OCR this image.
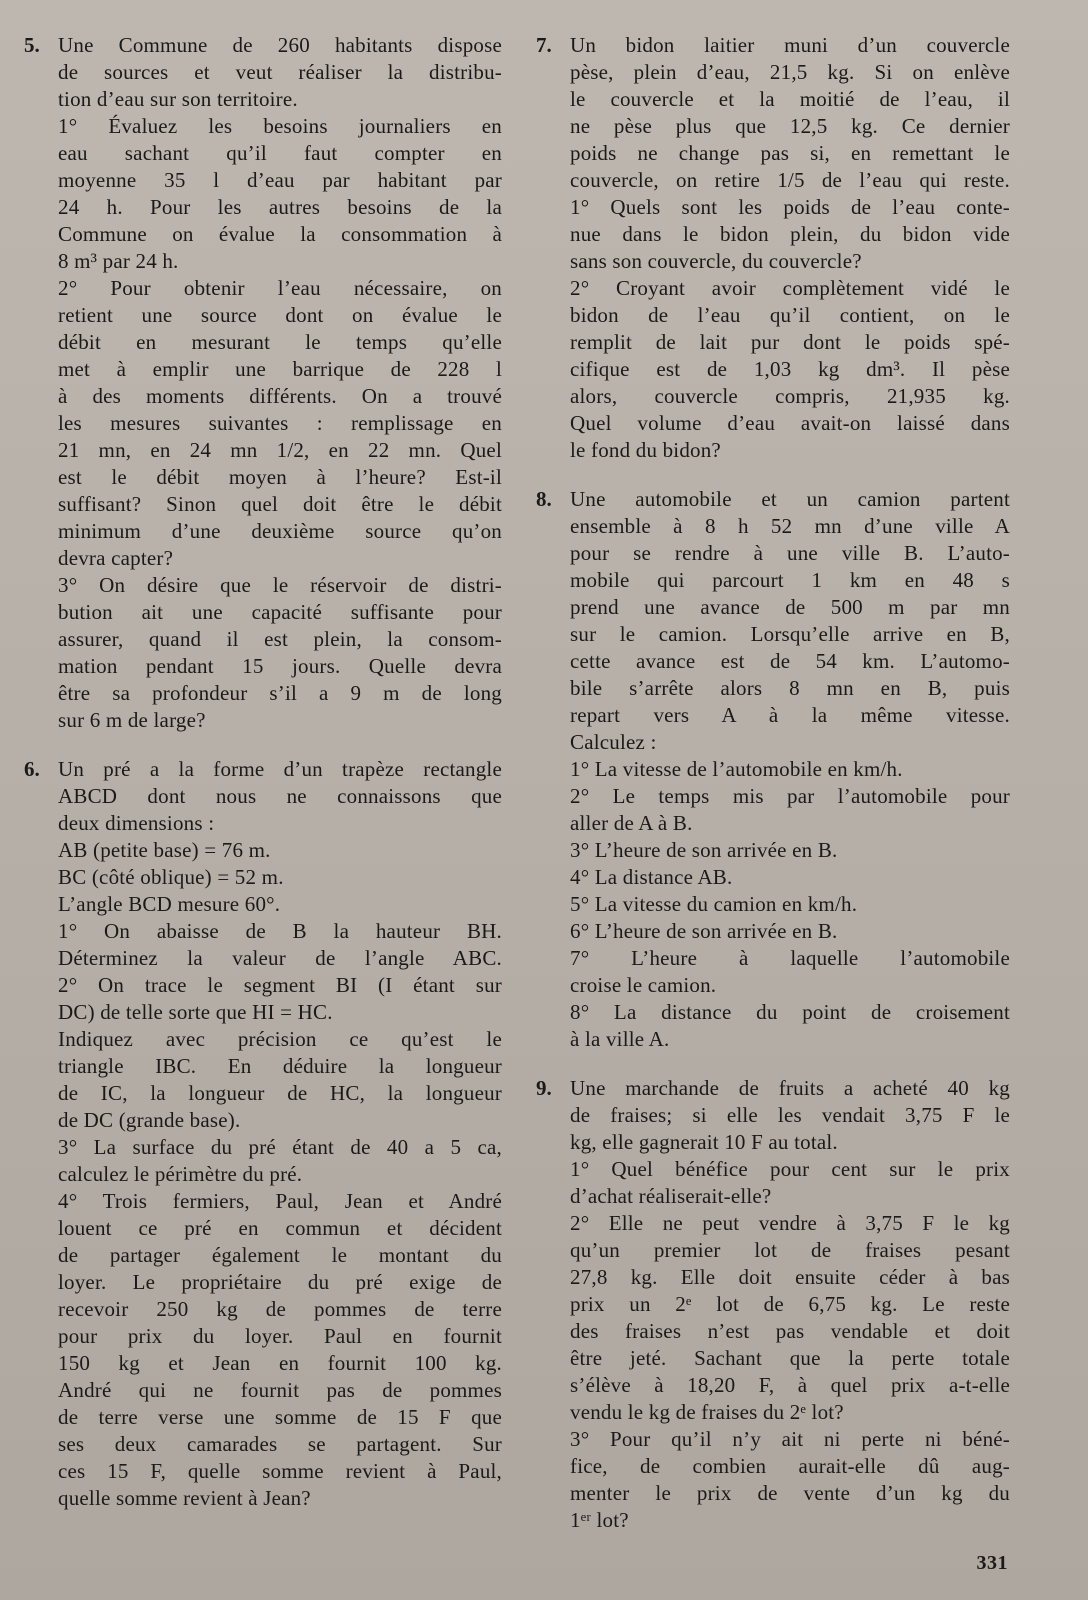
5. Une Commune de 260 habitants dispose
de sources et veut réaliser la distribu-
tion d’eau sur son territoire.
1° Évaluez les besoins journaliers en
eau sachant qu’il faut compter en
moyenne 35 l d’eau par habitant par
24 h. Pour les autres besoins de la
Commune on évalue la consommation à
8 m³ par 24 h.
2° Pour obtenir l’eau nécessaire, on
retient une source dont on évalue le
débit en mesurant le temps qu’elle
met à emplir une barrique de 228 l
à des moments différents. On a trouvé
les mesures suivantes : remplissage en
21 mn, en 24 mn 1/2, en 22 mn. Quel
est le débit moyen à l’heure? Est-il
suffisant? Sinon quel doit être le débit
minimum d’une deuxième source qu’on
devra capter?
3° On désire que le réservoir de distri-
bution ait une capacité suffisante pour
assurer, quand il est plein, la consom-
mation pendant 15 jours. Quelle devra
être sa profondeur s’il a 9 m de long
sur 6 m de large?
6. Un pré a la forme d’un trapèze rectangle
ABCD dont nous ne connaissons que
deux dimensions :
AB (petite base) = 76 m.
BC (côté oblique) = 52 m.
L’angle BCD mesure 60°.
1° On abaisse de B la hauteur BH.
Déterminez la valeur de l’angle ABC.
2° On trace le segment BI (I étant sur
DC) de telle sorte que HI = HC.
Indiquez avec précision ce qu’est le
triangle IBC. En déduire la longueur
de IC, la longueur de HC, la longueur
de DC (grande base).
3° La surface du pré étant de 40 a 5 ca,
calculez le périmètre du pré.
4° Trois fermiers, Paul, Jean et André
louent ce pré en commun et décident
de partager également le montant du
loyer. Le propriétaire du pré exige de
recevoir 250 kg de pommes de terre
pour prix du loyer. Paul en fournit
150 kg et Jean en fournit 100 kg.
André qui ne fournit pas de pommes
de terre verse une somme de 15 F que
ses deux camarades se partagent. Sur
ces 15 F, quelle somme revient à Paul,
quelle somme revient à Jean?
7. Un bidon laitier muni d’un couvercle
pèse, plein d’eau, 21,5 kg. Si on enlève
le couvercle et la moitié de l’eau, il
ne pèse plus que 12,5 kg. Ce dernier
poids ne change pas si, en remettant le
couvercle, on retire 1/5 de l’eau qui reste.
1° Quels sont les poids de l’eau conte-
nue dans le bidon plein, du bidon vide
sans son couvercle, du couvercle?
2° Croyant avoir complètement vidé le
bidon de l’eau qu’il contient, on le
remplit de lait pur dont le poids spé-
cifique est de 1,03 kg dm³. Il pèse
alors, couvercle compris, 21,935 kg.
Quel volume d’eau avait-on laissé dans
le fond du bidon?
8. Une automobile et un camion partent
ensemble à 8 h 52 mn d’une ville A
pour se rendre à une ville B. L’auto-
mobile qui parcourt 1 km en 48 s
prend une avance de 500 m par mn
sur le camion. Lorsqu’elle arrive en B,
cette avance est de 54 km. L’automo-
bile s’arrête alors 8 mn en B, puis
repart vers A à la même vitesse.
Calculez :
1° La vitesse de l’automobile en km/h.
2° Le temps mis par l’automobile pour
aller de A à B.
3° L’heure de son arrivée en B.
4° La distance AB.
5° La vitesse du camion en km/h.
6° L’heure de son arrivée en B.
7° L’heure à laquelle l’automobile
croise le camion.
8° La distance du point de croisement
à la ville A.
9. Une marchande de fruits a acheté 40 kg
de fraises; si elle les vendait 3,75 F le
kg, elle gagnerait 10 F au total.
1° Quel bénéfice pour cent sur le prix
d’achat réaliserait-elle?
2° Elle ne peut vendre à 3,75 F le kg
qu’un premier lot de fraises pesant
27,8 kg. Elle doit ensuite céder à bas
prix un 2ᵉ lot de 6,75 kg. Le reste
des fraises n’est pas vendable et doit
être jeté. Sachant que la perte totale
s’élève à 18,20 F, à quel prix a-t-elle
vendu le kg de fraises du 2ᵉ lot?
3° Pour qu’il n’y ait ni perte ni béné-
fice, de combien aurait-elle dû aug-
menter le prix de vente d’un kg du
1ᵉʳ lot?
331
